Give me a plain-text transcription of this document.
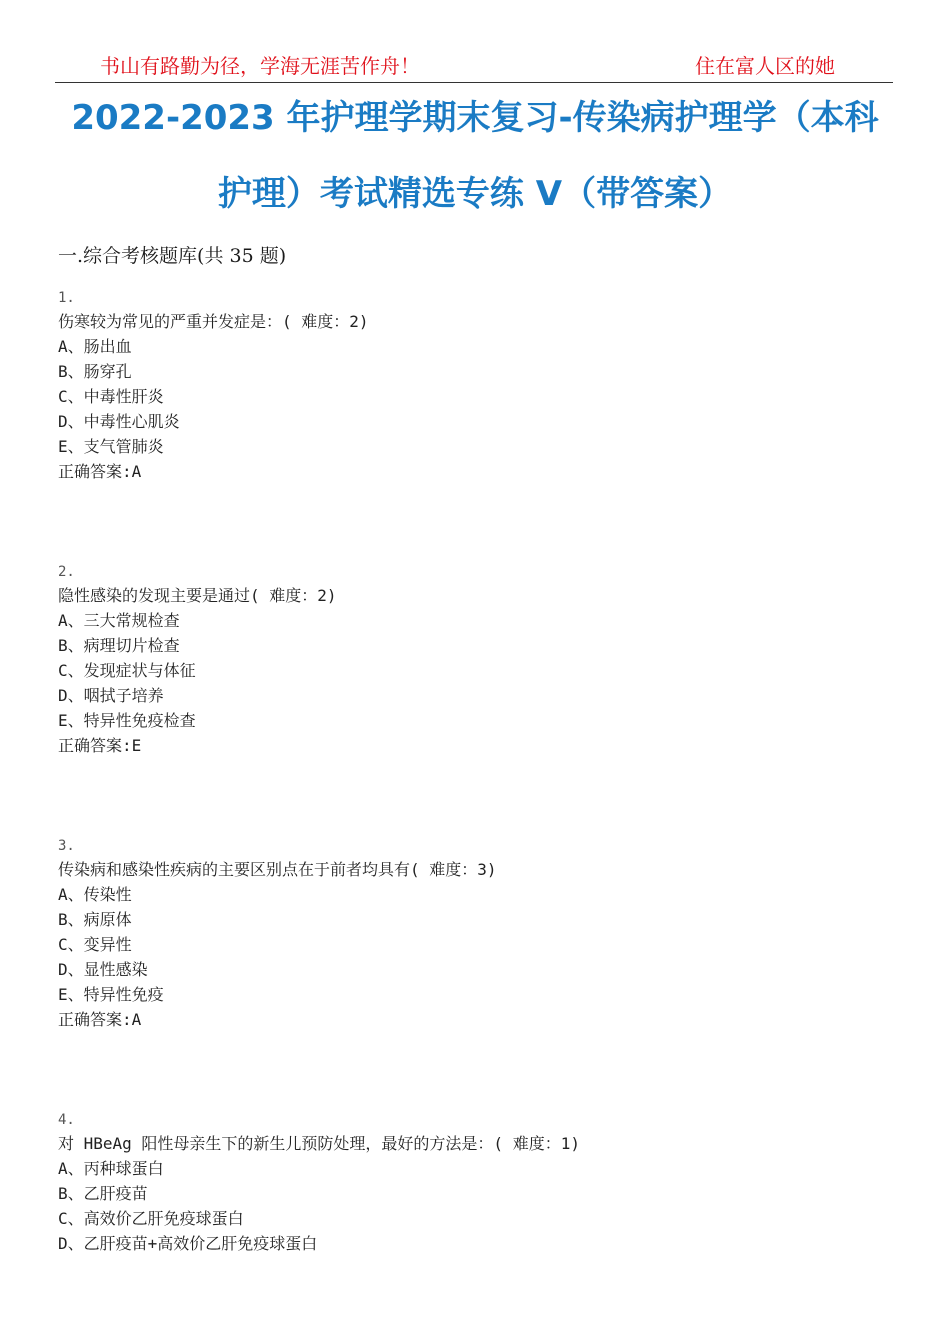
书山有路勤为径，学海无涯苦作舟！	住在富人区的她
2022-2023 年护理学期末复习-传染病护理学（本科
护理）考试精选专练 V（带答案）
一.综合考核题库(共 35 题)
1.
伤寒较为常见的严重并发症是：( 难度：2)
A、肠出血
B、肠穿孔
C、中毒性肝炎
D、中毒性心肌炎
E、支气管肺炎
正确答案:A
2.
隐性感染的发现主要是通过( 难度：2)
A、三大常规检查
B、病理切片检查
C、发现症状与体征
D、咽拭子培养
E、特异性免疫检查
正确答案:E
3.
传染病和感染性疾病的主要区别点在于前者均具有( 难度：3)
A、传染性
B、病原体
C、变异性
D、显性感染
E、特异性免疫
正确答案:A
4.
对 HBeAg 阳性母亲生下的新生儿预防处理，最好的方法是：( 难度：1)
A、丙种球蛋白
B、乙肝疫苗
C、高效价乙肝免疫球蛋白
D、乙肝疫苗+高效价乙肝免疫球蛋白
